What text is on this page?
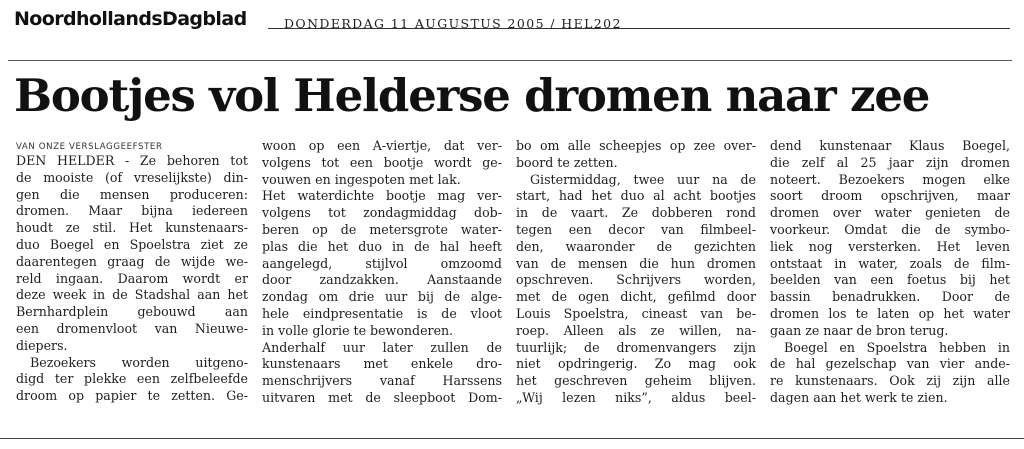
NoordhollandsDagblad	DONDERDAG 11 AUGUSTUS 2005 / HEL202
Bootjes vol Helderse dromen naar zee
VAN ONZE VERSLAGGEEFSTER
DEN HELDER - Ze behoren tot
de mooiste (of vreselijkste) din-
gen die mensen produceren:
dromen. Maar bijna iedereen
houdt ze stil. Het kunstenaars-
duo Boegel en Spoelstra ziet ze
daarentegen graag de wijde we-
reld ingaan. Daarom wordt er
deze week in de Stadshal aan het
Bernhardplein gebouwd aan
een dromenvloot van Nieuwe-
diepers.
Bezoekers worden uitgeno-
digd ter plekke een zelfbeleefde
droom op papier te zetten. Ge-
woon op een A-viertje, dat ver-
volgens tot een bootje wordt ge-
vouwen en ingespoten met lak.
Het waterdichte bootje mag ver-
volgens tot zondagmiddag dob-
beren op de metersgrote water-
plas die het duo in de hal heeft
aangelegd, stijlvol omzoomd
door zandzakken. Aanstaande
zondag om drie uur bij de alge-
hele eindpresentatie is de vloot
in volle glorie te bewonderen.
Anderhalf uur later zullen de
kunstenaars met enkele dro-
menschrijvers vanaf Harssens
uitvaren met de sleepboot Dom-
bo om alle scheepjes op zee over-
boord te zetten.
Gistermiddag, twee uur na de
start, had het duo al acht bootjes
in de vaart. Ze dobberen rond
tegen een decor van filmbeel-
den, waaronder de gezichten
van de mensen die hun dromen
opschreven. Schrijvers worden,
met de ogen dicht, gefilmd door
Louis Spoelstra, cineast van be-
roep. Alleen als ze willen, na-
tuurlijk; de dromenvangers zijn
niet opdringerig. Zo mag ook
het geschreven geheim blijven.
„Wij lezen niks”, aldus beel-
dend kunstenaar Klaus Boegel,
die zelf al 25 jaar zijn dromen
noteert. Bezoekers mogen elke
soort droom opschrijven, maar
dromen over water genieten de
voorkeur. Omdat die de symbo-
liek nog versterken. Het leven
ontstaat in water, zoals de film-
beelden van een foetus bij het
bassin benadrukken. Door de
dromen los te laten op het water
gaan ze naar de bron terug.
Boegel en Spoelstra hebben in
de hal gezelschap van vier ande-
re kunstenaars. Ook zij zijn alle
dagen aan het werk te zien.
